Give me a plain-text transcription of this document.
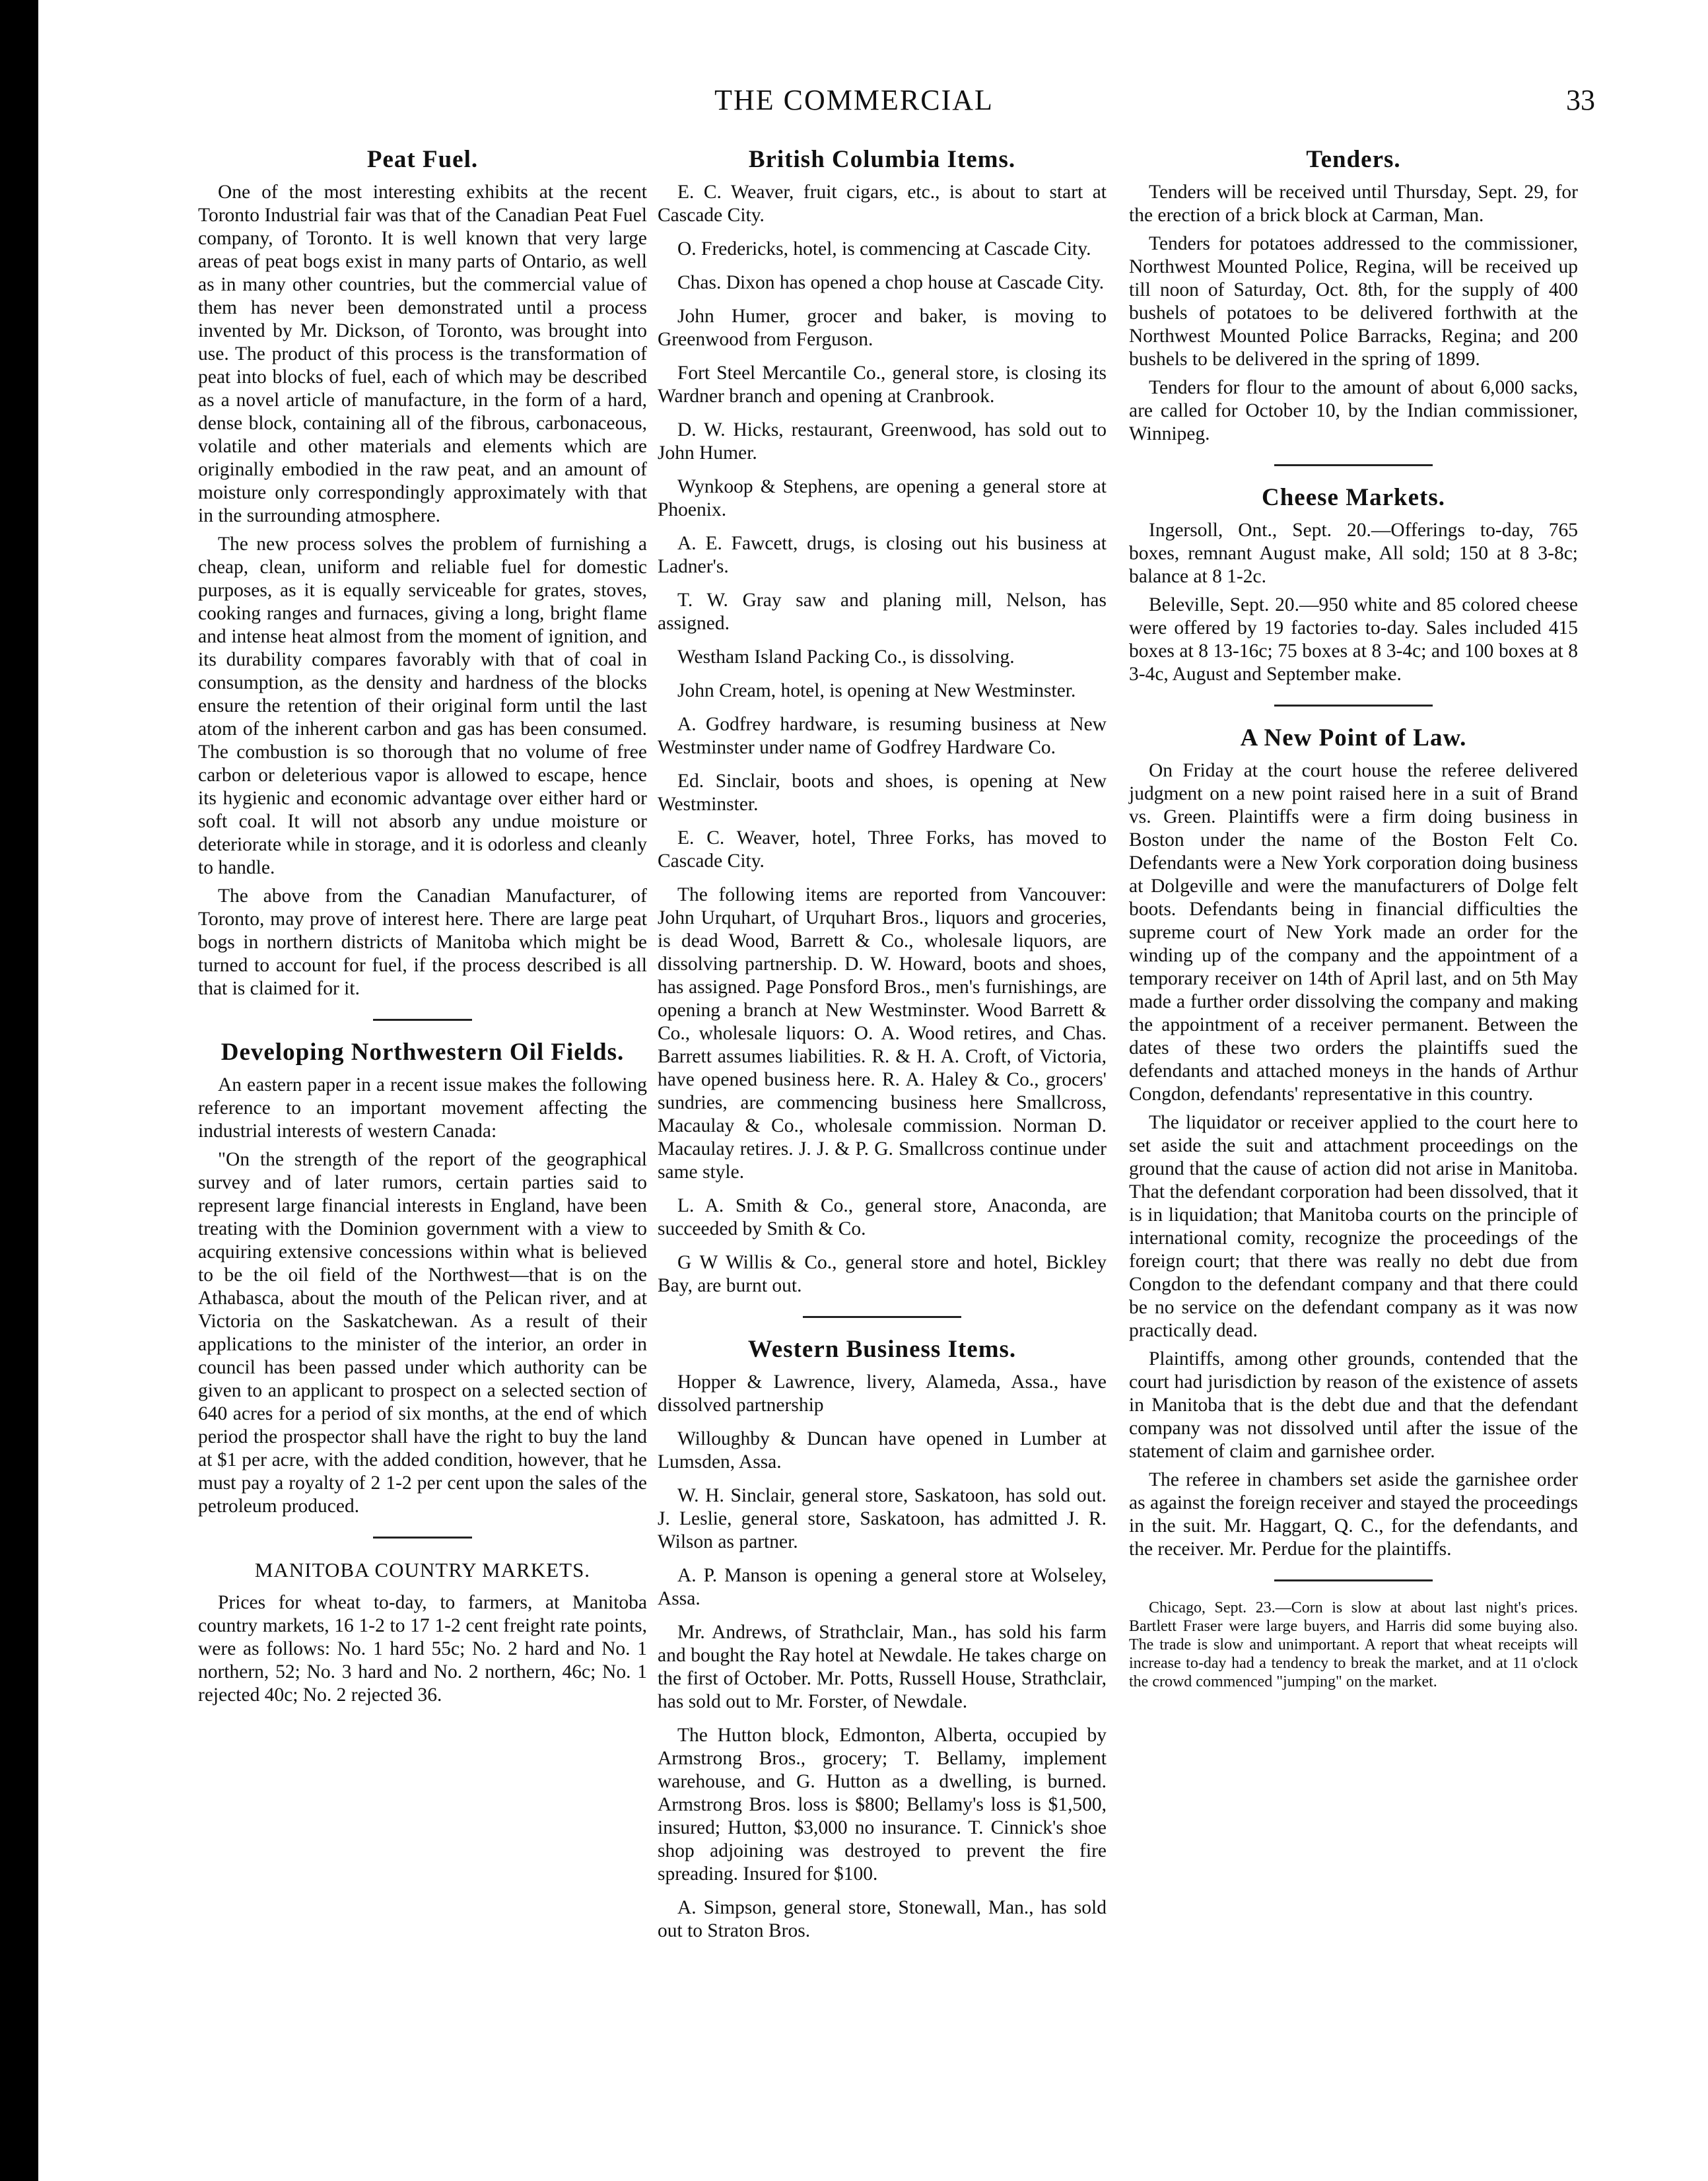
THE COMMERCIAL	33
Peat Fuel.

One of the most interesting exhibits at the recent Toronto Industrial fair was that of the Canadian Peat Fuel company, of Toronto. It is well known that very large areas of peat bogs exist in many parts of Ontario, as well as in many other countries, but the commercial value of them has never been demonstrated until a process invented by Mr. Dickson, of Toronto, was brought into use. The product of this process is the transformation of peat into blocks of fuel, each of which may be described as a novel article of manufacture, in the form of a hard, dense block, containing all of the fibrous, carbonaceous, volatile and other materials and elements which are originally embodied in the raw peat, and an amount of moisture only correspondingly approximately with that in the surrounding atmosphere.

The new process solves the problem of furnishing a cheap, clean, uniform and reliable fuel for domestic purposes, as it is equally serviceable for grates, stoves, cooking ranges and furnaces, giving a long, bright flame and intense heat almost from the moment of ignition, and its durability compares favorably with that of coal in consumption, as the density and hardness of the blocks ensure the retention of their original form until the last atom of the inherent carbon and gas has been consumed. The combustion is so thorough that no volume of free carbon or deleterious vapor is allowed to escape, hence its hygienic and economic advantage over either hard or soft coal. It will not absorb any undue moisture or deteriorate while in storage, and it is odorless and cleanly to handle.

The above from the Canadian Manufacturer, of Toronto, may prove of interest here. There are large peat bogs in northern districts of Manitoba which might be turned to account for fuel, if the process described is all that is claimed for it.

Developing Northwestern Oil Fields.

An eastern paper in a recent issue makes the following reference to an important movement affecting the industrial interests of western Canada:

"On the strength of the report of the geographical survey and of later rumors, certain parties said to represent large financial interests in England, have been treating with the Dominion government with a view to acquiring extensive concessions within what is believed to be the oil field of the Northwest—that is on the Athabasca, about the mouth of the Pelican river, and at Victoria on the Saskatchewan. As a result of their applications to the minister of the interior, an order in council has been passed under which authority can be given to an applicant to prospect on a selected section of 640 acres for a period of six months, at the end of which period the prospector shall have the right to buy the land at $1 per acre, with the added condition, however, that he must pay a royalty of 2 1-2 per cent upon the sales of the petroleum produced.

MANITOBA COUNTRY MARKETS.

Prices for wheat to-day, to farmers, at Manitoba country markets, 16 1-2 to 17 1-2 cent freight rate points, were as follows: No. 1 hard 55c; No. 2 hard and No. 1 northern, 52; No. 3 hard and No. 2 northern, 46c; No. 1 rejected 40c; No. 2 rejected 36.

British Columbia Items.

E. C. Weaver, fruit cigars, etc., is about to start at Cascade City.

O. Fredericks, hotel, is commencing at Cascade City.

Chas. Dixon has opened a chop house at Cascade City.

John Humer, grocer and baker, is moving to Greenwood from Ferguson.

Fort Steel Mercantile Co., general store, is closing its Wardner branch and opening at Cranbrook.

D. W. Hicks, restaurant, Greenwood, has sold out to John Humer.

Wynkoop & Stephens, are opening a general store at Phoenix.

A. E. Fawcett, drugs, is closing out his business at Ladner's.

T. W. Gray saw and planing mill, Nelson, has assigned.

Westham Island Packing Co., is dissolving.

John Cream, hotel, is opening at New Westminster.

A. Godfrey hardware, is resuming business at New Westminster under name of Godfrey Hardware Co.

Ed. Sinclair, boots and shoes, is opening at New Westminster.

E. C. Weaver, hotel, Three Forks, has moved to Cascade City.

The following items are reported from Vancouver: John Urquhart, of Urquhart Bros., liquors and groceries, is dead Wood, Barrett & Co., wholesale liquors, are dissolving partnership. D. W. Howard, boots and shoes, has assigned. Page Ponsford Bros., men's furnishings, are opening a branch at New Westminster. Wood Barrett & Co., wholesale liquors: O. A. Wood retires, and Chas. Barrett assumes liabilities. R. & H. A. Croft, of Victoria, have opened business here. R. A. Haley & Co., grocers' sundries, are commencing business here Smallcross, Macaulay & Co., wholesale commission. Norman D. Macaulay retires. J. J. & P. G. Smallcross continue under same style.

L. A. Smith & Co., general store, Anaconda, are succeeded by Smith & Co.

G W Willis & Co., general store and hotel, Bickley Bay, are burnt out.

Western Business Items.

Hopper & Lawrence, livery, Alameda, Assa., have dissolved partnership

Willoughby & Duncan have opened in Lumber at Lumsden, Assa.

W. H. Sinclair, general store, Saskatoon, has sold out. J. Leslie, general store, Saskatoon, has admitted J. R. Wilson as partner.

A. P. Manson is opening a general store at Wolseley, Assa.

Mr. Andrews, of Strathclair, Man., has sold his farm and bought the Ray hotel at Newdale. He takes charge on the first of October. Mr. Potts, Russell House, Strathclair, has sold out to Mr. Forster, of Newdale.

The Hutton block, Edmonton, Alberta, occupied by Armstrong Bros., grocery; T. Bellamy, implement warehouse, and G. Hutton as a dwelling, is burned. Armstrong Bros. loss is $800; Bellamy's loss is $1,500, insured; Hutton, $3,000 no insurance. T. Cinnick's shoe shop adjoining was destroyed to prevent the fire spreading. Insured for $100.

A. Simpson, general store, Stonewall, Man., has sold out to Straton Bros.

Tenders.

Tenders will be received until Thursday, Sept. 29, for the erection of a brick block at Carman, Man.

Tenders for potatoes addressed to the commissioner, Northwest Mounted Police, Regina, will be received up till noon of Saturday, Oct. 8th, for the supply of 400 bushels of potatoes to be delivered forthwith at the Northwest Mounted Police Barracks, Regina; and 200 bushels to be delivered in the spring of 1899.

Tenders for flour to the amount of about 6,000 sacks, are called for October 10, by the Indian commissioner, Winnipeg.

Cheese Markets.

Ingersoll, Ont., Sept. 20.—Offerings to-day, 765 boxes, remnant August make, All sold; 150 at 8 3-8c; balance at 8 1-2c.

Beleville, Sept. 20.—950 white and 85 colored cheese were offered by 19 factories to-day. Sales included 415 boxes at 8 13-16c; 75 boxes at 8 3-4c; and 100 boxes at 8 3-4c, August and September make.

A New Point of Law.

On Friday at the court house the referee delivered judgment on a new point raised here in a suit of Brand vs. Green. Plaintiffs were a firm doing business in Boston under the name of the Boston Felt Co. Defendants were a New York corporation doing business at Dolgeville and were the manufacturers of Dolge felt boots. Defendants being in financial difficulties the supreme court of New York made an order for the winding up of the company and the appointment of a temporary receiver on 14th of April last, and on 5th May made a further order dissolving the company and making the appointment of a receiver permanent. Between the dates of these two orders the plaintiffs sued the defendants and attached moneys in the hands of Arthur Congdon, defendants' representative in this country.

The liquidator or receiver applied to the court here to set aside the suit and attachment proceedings on the ground that the cause of action did not arise in Manitoba. That the defendant corporation had been dissolved, that it is in liquidation; that Manitoba courts on the principle of international comity, recognize the proceedings of the foreign court; that there was really no debt due from Congdon to the defendant company and that there could be no service on the defendant company as it was now practically dead.

Plaintiffs, among other grounds, contended that the court had jurisdiction by reason of the existence of assets in Manitoba that is the debt due and that the defendant company was not dissolved until after the issue of the statement of claim and garnishee order.

The referee in chambers set aside the garnishee order as against the foreign receiver and stayed the proceedings in the suit. Mr. Haggart, Q. C., for the defendants, and the receiver. Mr. Perdue for the plaintiffs.

Chicago, Sept. 23.—Corn is slow at about last night's prices. Bartlett Fraser were large buyers, and Harris did some buying also. The trade is slow and unimportant. A report that wheat receipts will increase to-day had a tendency to break the market, and at 11 o'clock the crowd commenced "jumping" on the market.
